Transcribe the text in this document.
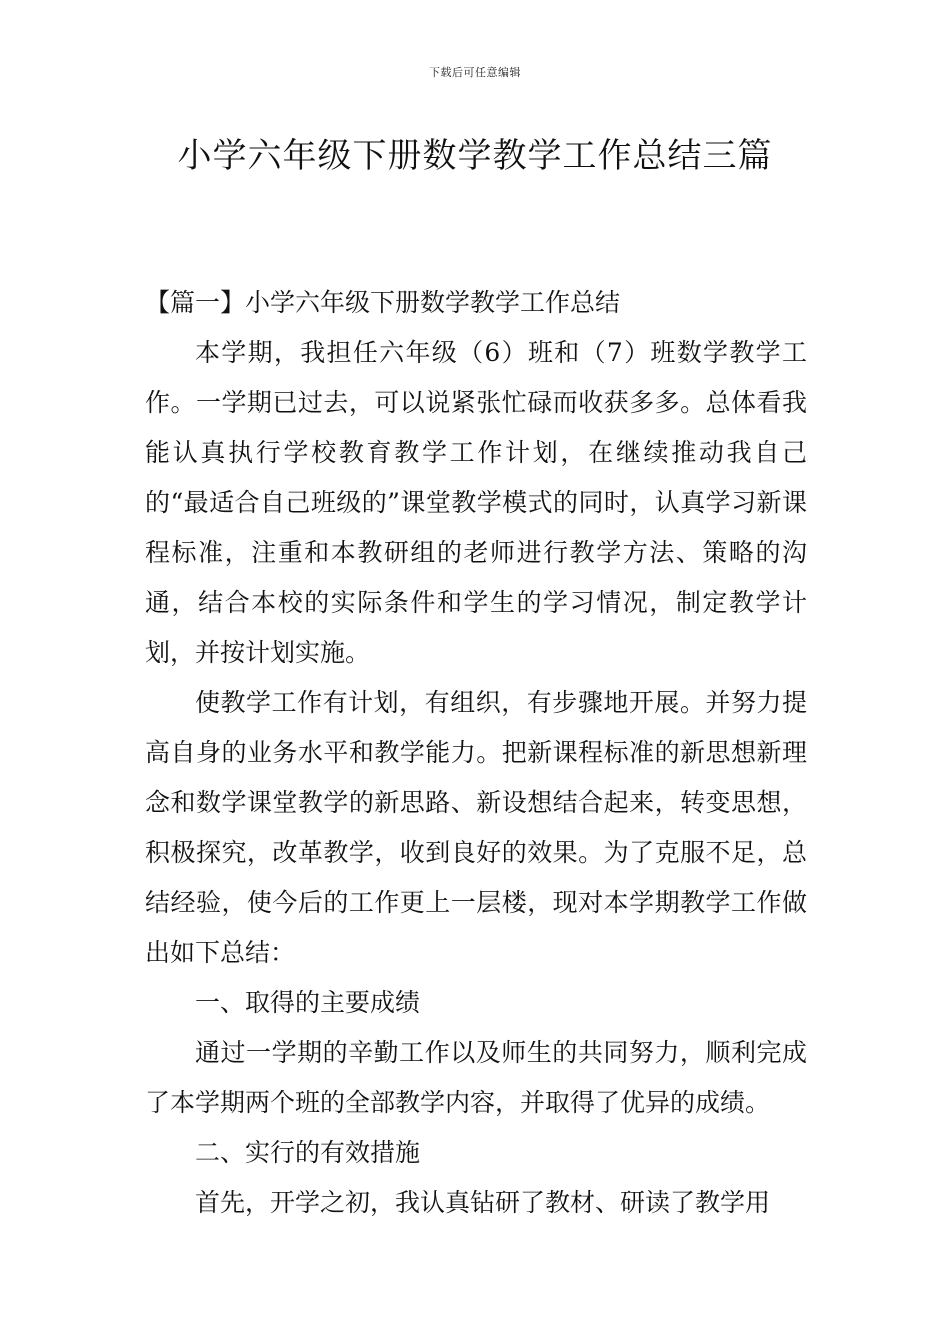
下载后可任意编辑
小学六年级下册数学教学工作总结三篇

【篇一】小学六年级下册数学教学工作总结

本学期，我担任六年级（6）班和（7）班数学教学工作。一学期已过去，可以说紧张忙碌而收获多多。总体看我能认真执行学校教育教学工作计划，在继续推动我自己的“最适合自己班级的”课堂教学模式的同时，认真学习新课程标准，注重和本教研组的老师进行教学方法、策略的沟通，结合本校的实际条件和学生的学习情况，制定教学计划，并按计划实施。

使教学工作有计划，有组织，有步骤地开展。并努力提高自身的业务水平和教学能力。把新课程标准的新思想新理念和数学课堂教学的新思路、新设想结合起来，转变思想，积极探究，改革教学，收到良好的效果。为了克服不足，总结经验，使今后的工作更上一层楼，现对本学期教学工作做出如下总结：

一、取得的主要成绩

通过一学期的辛勤工作以及师生的共同努力，顺利完成了本学期两个班的全部教学内容，并取得了优异的成绩。

二、实行的有效措施

首先，开学之初，我认真钻研了教材、研读了教学用
